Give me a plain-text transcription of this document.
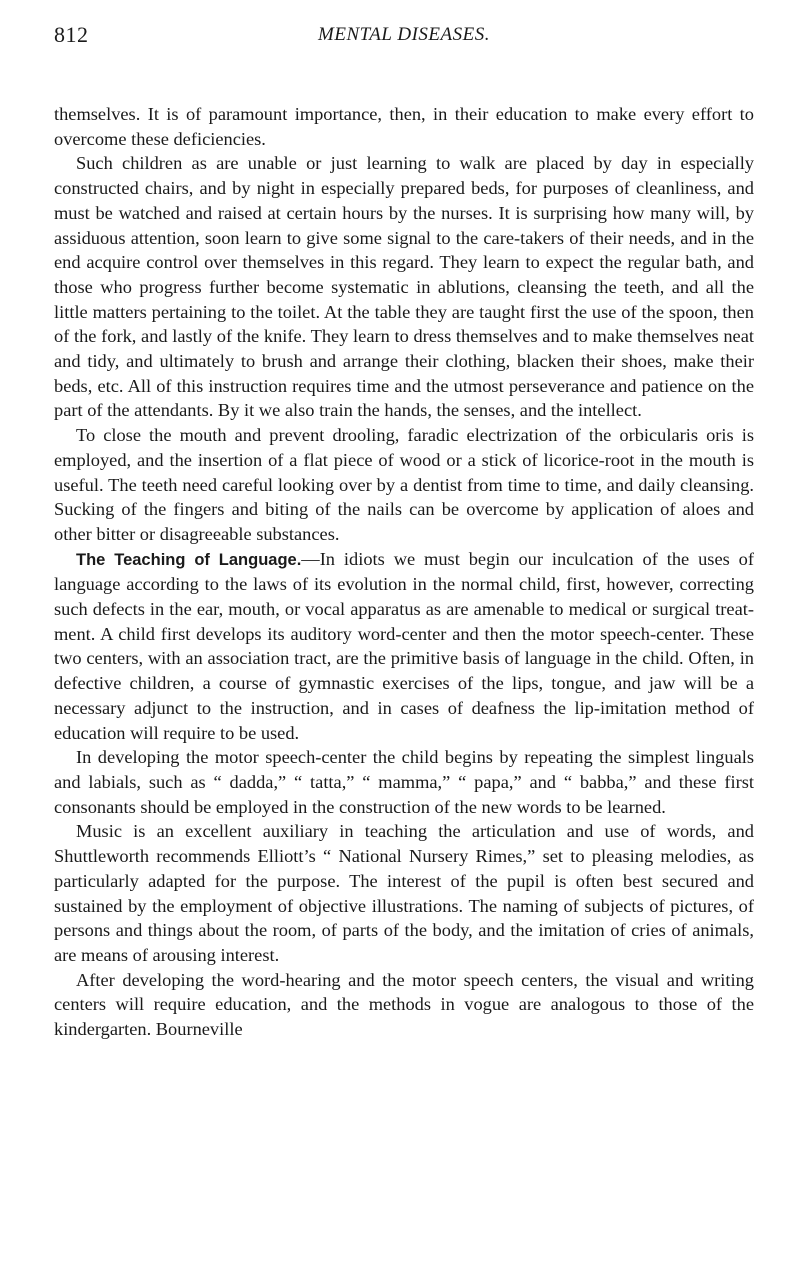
812	MENTAL DISEASES.

themselves. It is of paramount importance, then, in their education to make every effort to overcome these deficiencies.

Such children as are unable or just learning to walk are placed by day in especially constructed chairs, and by night in especially prepared beds, for purposes of cleanliness, and must be watched and raised at certain hours by the nurses. It is surprising how many will, by assiduous attention, soon learn to give some signal to the care-takers of their needs, and in the end acquire control over themselves in this regard. They learn to expect the regular bath, and those who progress further become systematic in ablutions, cleansing the teeth, and all the little matters pertaining to the toilet. At the table they are taught first the use of the spoon, then of the fork, and lastly of the knife. They learn to dress themselves and to make themselves neat and tidy, and ultimately to brush and arrange their clothing, blacken their shoes, make their beds, etc. All of this instruction requires time and the utmost perseverance and patience on the part of the attendants. By it we also train the hands, the senses, and the intellect.

To close the mouth and prevent drooling, faradic electrization of the orbicularis oris is employed, and the insertion of a flat piece of wood or a stick of licorice-root in the mouth is useful. The teeth need careful looking over by a dentist from time to time, and daily cleansing. Sucking of the fingers and biting of the nails can be overcome by application of aloes and other bitter or disagreeable substances.

The Teaching of Language.—In idiots we must begin our inculcation of the uses of language according to the laws of its evolution in the normal child, first, however, correcting such defects in the ear, mouth, or vocal apparatus as are amenable to medical or surgical treatment. A child first develops its auditory word-center and then the motor speech-center. These two centers, with an association tract, are the primitive basis of language in the child. Often, in defective children, a course of gymnastic exercises of the lips, tongue, and jaw will be a necessary adjunct to the instruction, and in cases of deafness the lip-imitation method of education will require to be used.

In developing the motor speech-center the child begins by repeating the simplest linguals and labials, such as “ dadda,” “ tatta,” “ mamma,” “ papa,” and “ babba,” and these first consonants should be employed in the construction of the new words to be learned.

Music is an excellent auxiliary in teaching the articulation and use of words, and Shuttleworth recommends Elliott’s “ National Nursery Rimes,” set to pleasing melodies, as particularly adapted for the purpose. The interest of the pupil is often best secured and sustained by the employment of objective illustrations. The naming of subjects of pictures, of persons and things about the room, of parts of the body, and the imitation of cries of animals, are means of arousing interest.

After developing the word-hearing and the motor speech centers, the visual and writing centers will require education, and the methods in vogue are analogous to those of the kindergarten. Bourneville
